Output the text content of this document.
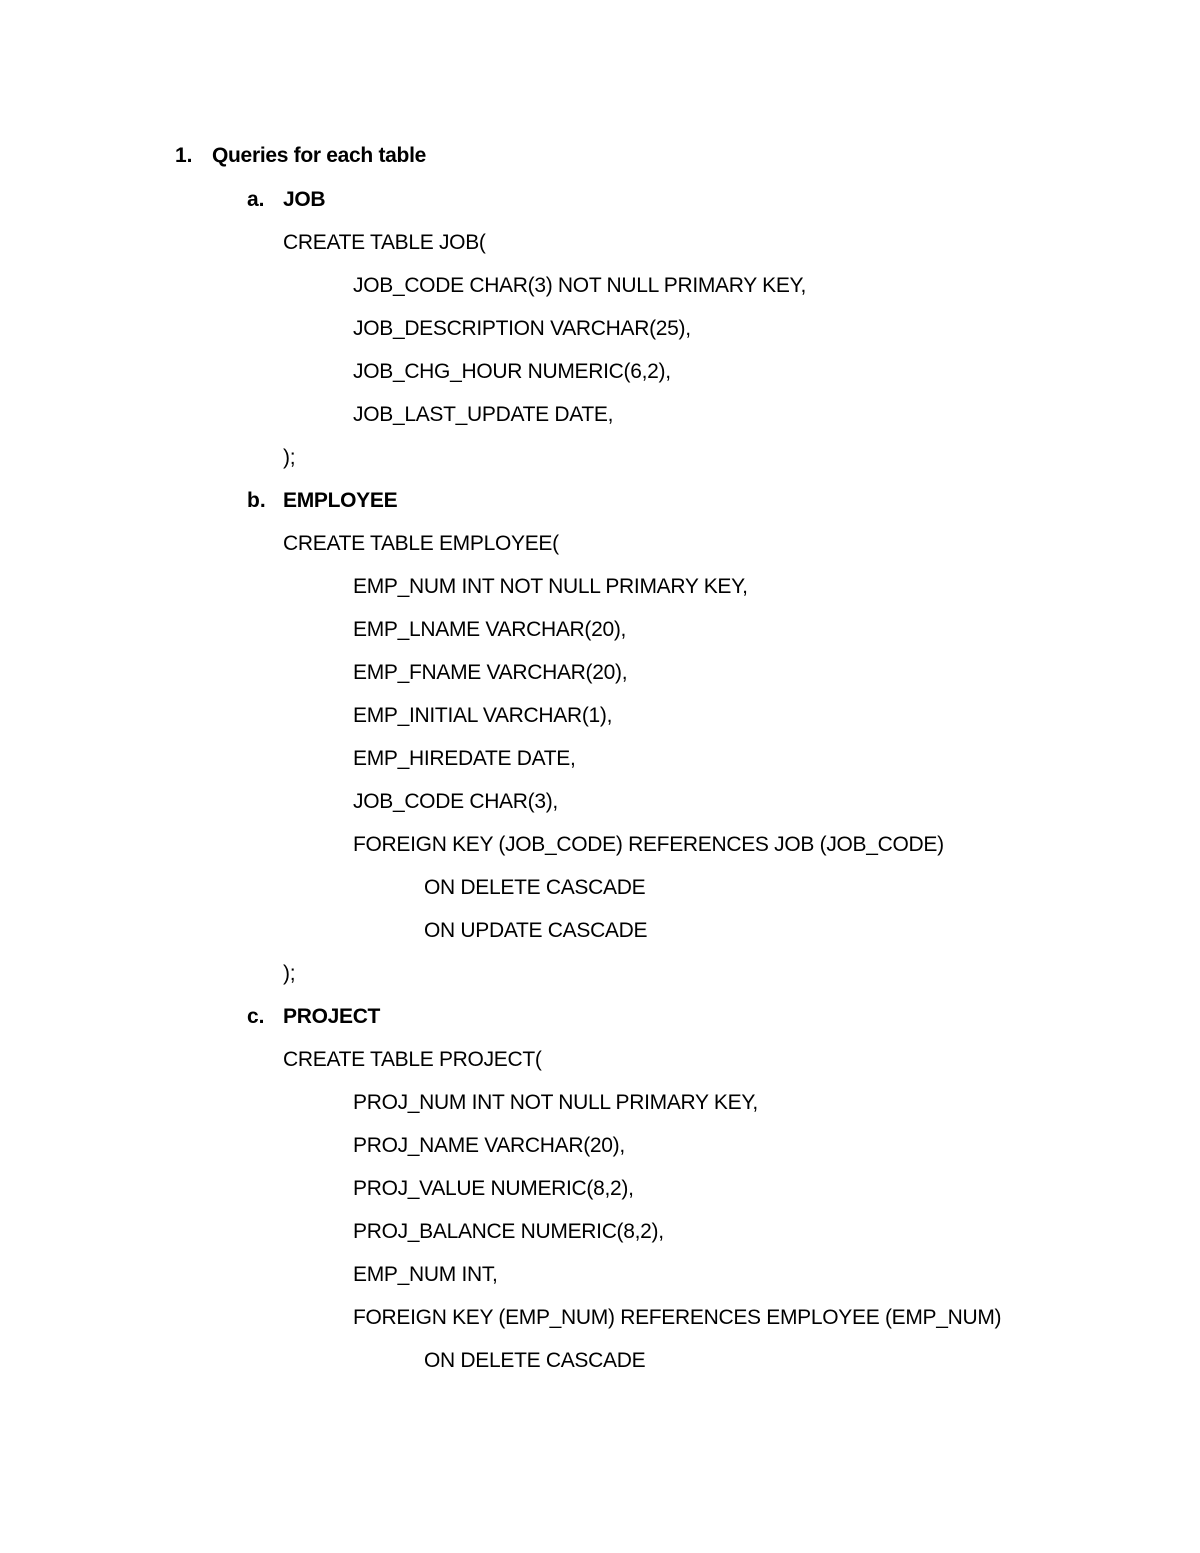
1. Queries for each table
a. JOB
CREATE TABLE JOB(
JOB_CODE CHAR(3) NOT NULL PRIMARY KEY,
JOB_DESCRIPTION VARCHAR(25),
JOB_CHG_HOUR NUMERIC(6,2),
JOB_LAST_UPDATE DATE,
);
b. EMPLOYEE
CREATE TABLE EMPLOYEE(
EMP_NUM INT NOT NULL PRIMARY KEY,
EMP_LNAME VARCHAR(20),
EMP_FNAME VARCHAR(20),
EMP_INITIAL VARCHAR(1),
EMP_HIREDATE DATE,
JOB_CODE CHAR(3),
FOREIGN KEY (JOB_CODE) REFERENCES JOB (JOB_CODE)
ON DELETE CASCADE
ON UPDATE CASCADE
);
c. PROJECT
CREATE TABLE PROJECT(
PROJ_NUM INT NOT NULL PRIMARY KEY,
PROJ_NAME VARCHAR(20),
PROJ_VALUE NUMERIC(8,2),
PROJ_BALANCE NUMERIC(8,2),
EMP_NUM INT,
FOREIGN KEY (EMP_NUM) REFERENCES EMPLOYEE (EMP_NUM)
ON DELETE CASCADE
